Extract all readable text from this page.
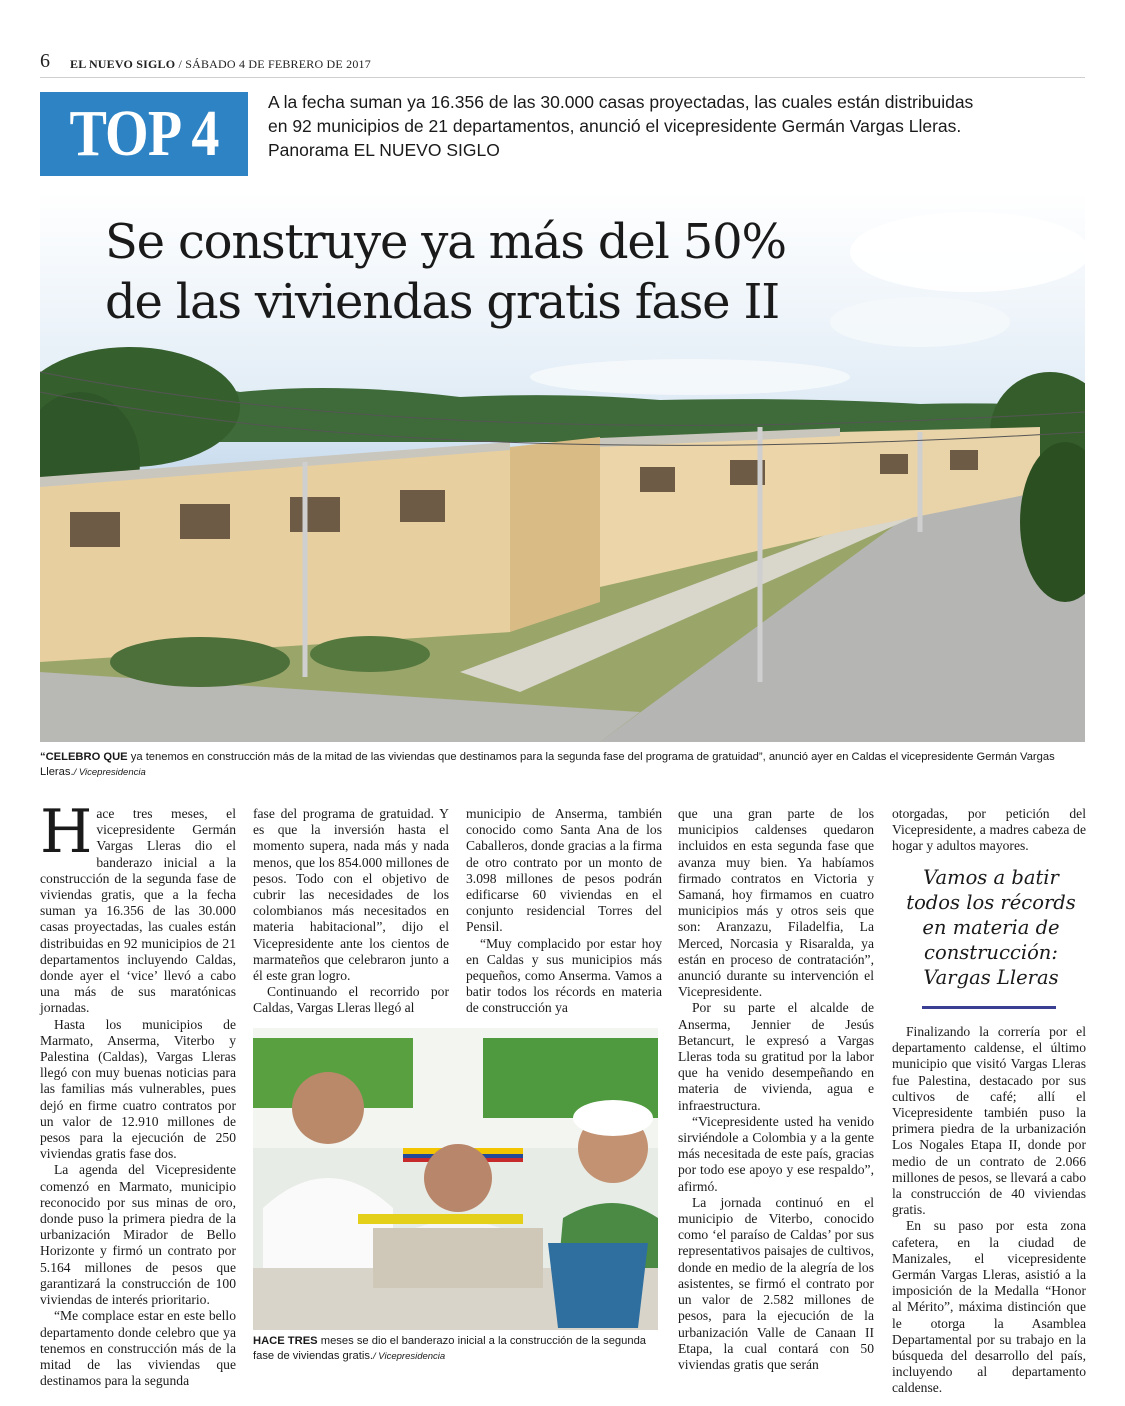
6 EL NUEVO SIGLO / SÁBADO 4 DE FEBRERO DE 2017
TOP 4	A la fecha suman ya 16.356 de las 30.000 casas proyectadas, las cuales están distribuidas

en 92 municipios de 21 departamentos, anunció el vicepresidente Germán Vargas Lleras.

Panorama EL NUEVO SIGLO

Se construye ya más del 50%
de las viviendas gratis fase II
“CELEBRO QUE ya tenemos en construcción más de la mitad de las viviendas que destinamos para la segunda fase del programa de gratuidad”, anunció ayer en Caldas el vicepresidente Germán Vargas Lleras./ Vicepresidencia

Hace tres meses, el vicepresidente Germán Vargas Lleras dio el banderazo inicial a la construcción de la segunda fase de viviendas gratis, que a la fecha suman ya 16.356 de las 30.000 casas proyectadas, las cuales están distribuidas en 92 municipios de 21 departamentos incluyendo Caldas, donde ayer el ‘vice’ llevó a cabo una más de sus maratónicas jornadas.

Hasta los municipios de Marmato, Anserma, Viterbo y Palestina (Caldas), Vargas Lleras llegó con muy buenas noticias para las familias más vulnerables, pues dejó en firme cuatro contratos por un valor de 12.910 millones de pesos para la ejecución de 250 viviendas gratis fase dos.

La agenda del Vicepresidente comenzó en Marmato, municipio reconocido por sus minas de oro, donde puso la primera piedra de la urbanización Mirador de Bello Horizonte y firmó un contrato por 5.164 millones de pesos que garantizará la construcción de 100 viviendas de interés prioritario.

“Me complace estar en este bello departamento donde celebro que ya tenemos en construcción más de la mitad de las viviendas que destinamos para la segunda

fase del programa de gratuidad. Y es que la inversión hasta el momento supera, nada más y nada menos, que los 854.000 millones de pesos. Todo con el objetivo de cubrir las necesidades de los colombianos más necesitados en materia habitacional”, dijo el Vicepresidente ante los cientos de marmateños que celebraron junto a él este gran logro.

Continuando el recorrido por Caldas, Vargas Lleras llegó al

municipio de Anserma, también conocido como Santa Ana de los Caballeros, donde gracias a la firma de otro contrato por un monto de 3.098 millones de pesos podrán edificarse 60 viviendas en el conjunto residencial Torres del Pensil.

“Muy complacido por estar hoy en Caldas y sus municipios más pequeños, como Anserma. Vamos a batir todos los récords en materia de construcción ya

HACE TRES meses se dio el banderazo inicial a la construcción de la segunda fase de viviendas gratis./ Vicepresidencia

que una gran parte de los municipios caldenses quedaron incluidos en esta segunda fase que avanza muy bien. Ya habíamos firmado contratos en Victoria y Samaná, hoy firmamos en cuatro municipios más y otros seis que son: Aranzazu, Filadelfia, La Merced, Norcasia y Risaralda, ya están en proceso de contratación”, anunció durante su intervención el Vicepresidente.

Por su parte el alcalde de Anserma, Jennier de Jesús Betancurt, le expresó a Vargas Lleras toda su gratitud por la labor que ha venido desempeñando en materia de vivienda, agua e infraestructura.

“Vicepresidente usted ha venido sirviéndole a Colombia y a la gente más necesitada de este país, gracias por todo ese apoyo y ese respaldo”, afirmó.

La jornada continuó en el municipio de Viterbo, conocido como ‘el paraíso de Caldas’ por sus representativos paisajes de cultivos, donde en medio de la alegría de los asistentes, se firmó el contrato por un valor de 2.582 millones de pesos, para la ejecución de la urbanización Valle de Canaan II Etapa, la cual contará con 50 viviendas gratis que serán

otorgadas, por petición del Vicepresidente, a madres cabeza de hogar y adultos mayores.

Vamos a batir todos los récords en materia de construcción: Vargas Lleras

Finalizando la correría por el departamento caldense, el último municipio que visitó Vargas Lleras fue Palestina, destacado por sus cultivos de café; allí el Vicepresidente también puso la primera piedra de la urbanización Los Nogales Etapa II, donde por medio de un contrato de 2.066 millones de pesos, se llevará a cabo la construcción de 40 viviendas gratis.

En su paso por esta zona cafetera, en la ciudad de Manizales, el vicepresidente Germán Vargas Lleras, asistió a la imposición de la Medalla “Honor al Mérito”, máxima distinción que le otorga la Asamblea Departamental por su trabajo en la búsqueda del desarrollo del país, incluyendo al departamento caldense.
